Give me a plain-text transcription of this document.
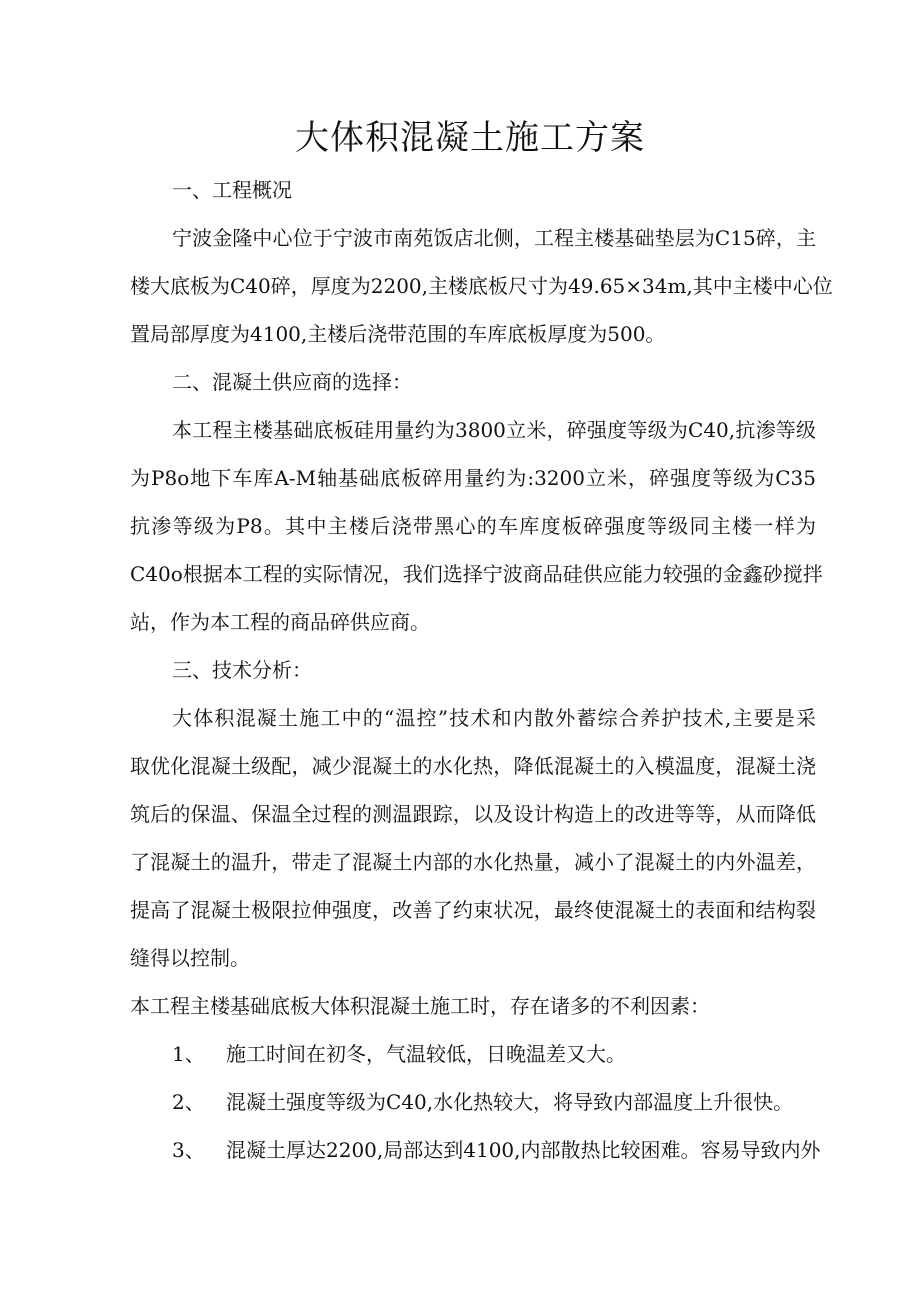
大体积混凝土施工方案
一、工程概况
宁波金隆中心位于宁波市南苑饭店北侧，工程主楼基础垫层为C15碎，主
楼大底板为C40碎，厚度为2200,主楼底板尺寸为49.65×34m,其中主楼中心位
置局部厚度为4100,主楼后浇带范围的车库底板厚度为500。
二、混凝土供应商的选择：
本工程主楼基础底板硅用量约为3800立米，碎强度等级为C40,抗渗等级
为P8o地下车库A-M轴基础底板碎用量约为:3200立米，碎强度等级为C35
抗渗等级为P8。其中主楼后浇带黑心的车库度板碎强度等级同主楼一样为
C40o根据本工程的实际情况，我们选择宁波商品硅供应能力较强的金鑫砂搅拌
站，作为本工程的商品碎供应商。
三、技术分析：
大体积混凝土施工中的“温控”技术和内散外蓄综合养护技术,主要是采
取优化混凝土级配，减少混凝土的水化热，降低混凝土的入模温度，混凝土浇
筑后的保温、保温全过程的测温跟踪，以及设计构造上的改进等等，从而降低
了混凝土的温升，带走了混凝土内部的水化热量，减小了混凝土的内外温差，
提高了混凝土极限拉伸强度，改善了约束状况，最终使混凝土的表面和结构裂
缝得以控制。
本工程主楼基础底板大体积混凝土施工时，存在诸多的不利因素：
1、 施工时间在初冬，气温较低，日晚温差又大。
2、 混凝土强度等级为C40,水化热较大，将导致内部温度上升很快。
3、 混凝土厚达2200,局部达到4100,内部散热比较困难。容易导致内外
